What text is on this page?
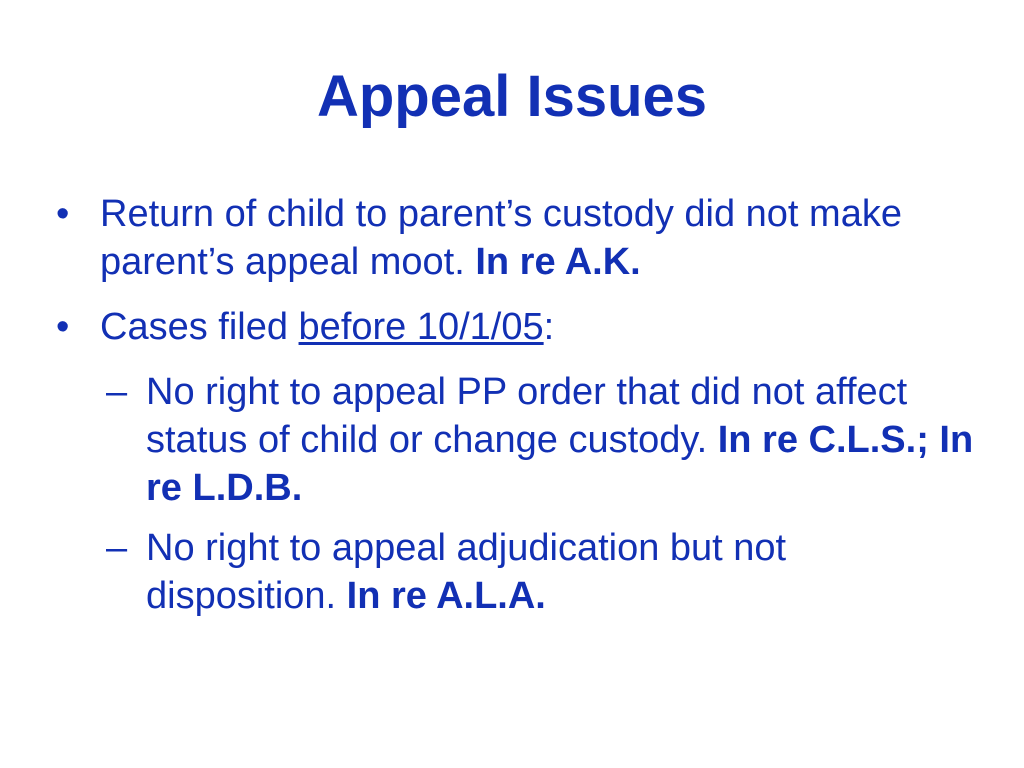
Appeal Issues
• Return of child to parent’s custody did not make parent’s appeal moot. In re A.K.
• Cases filed before 10/1/05:
– No right to appeal PP order that did not affect status of child or change custody. In re C.L.S.; In re L.D.B.
– No right to appeal adjudication but not disposition. In re A.L.A.
